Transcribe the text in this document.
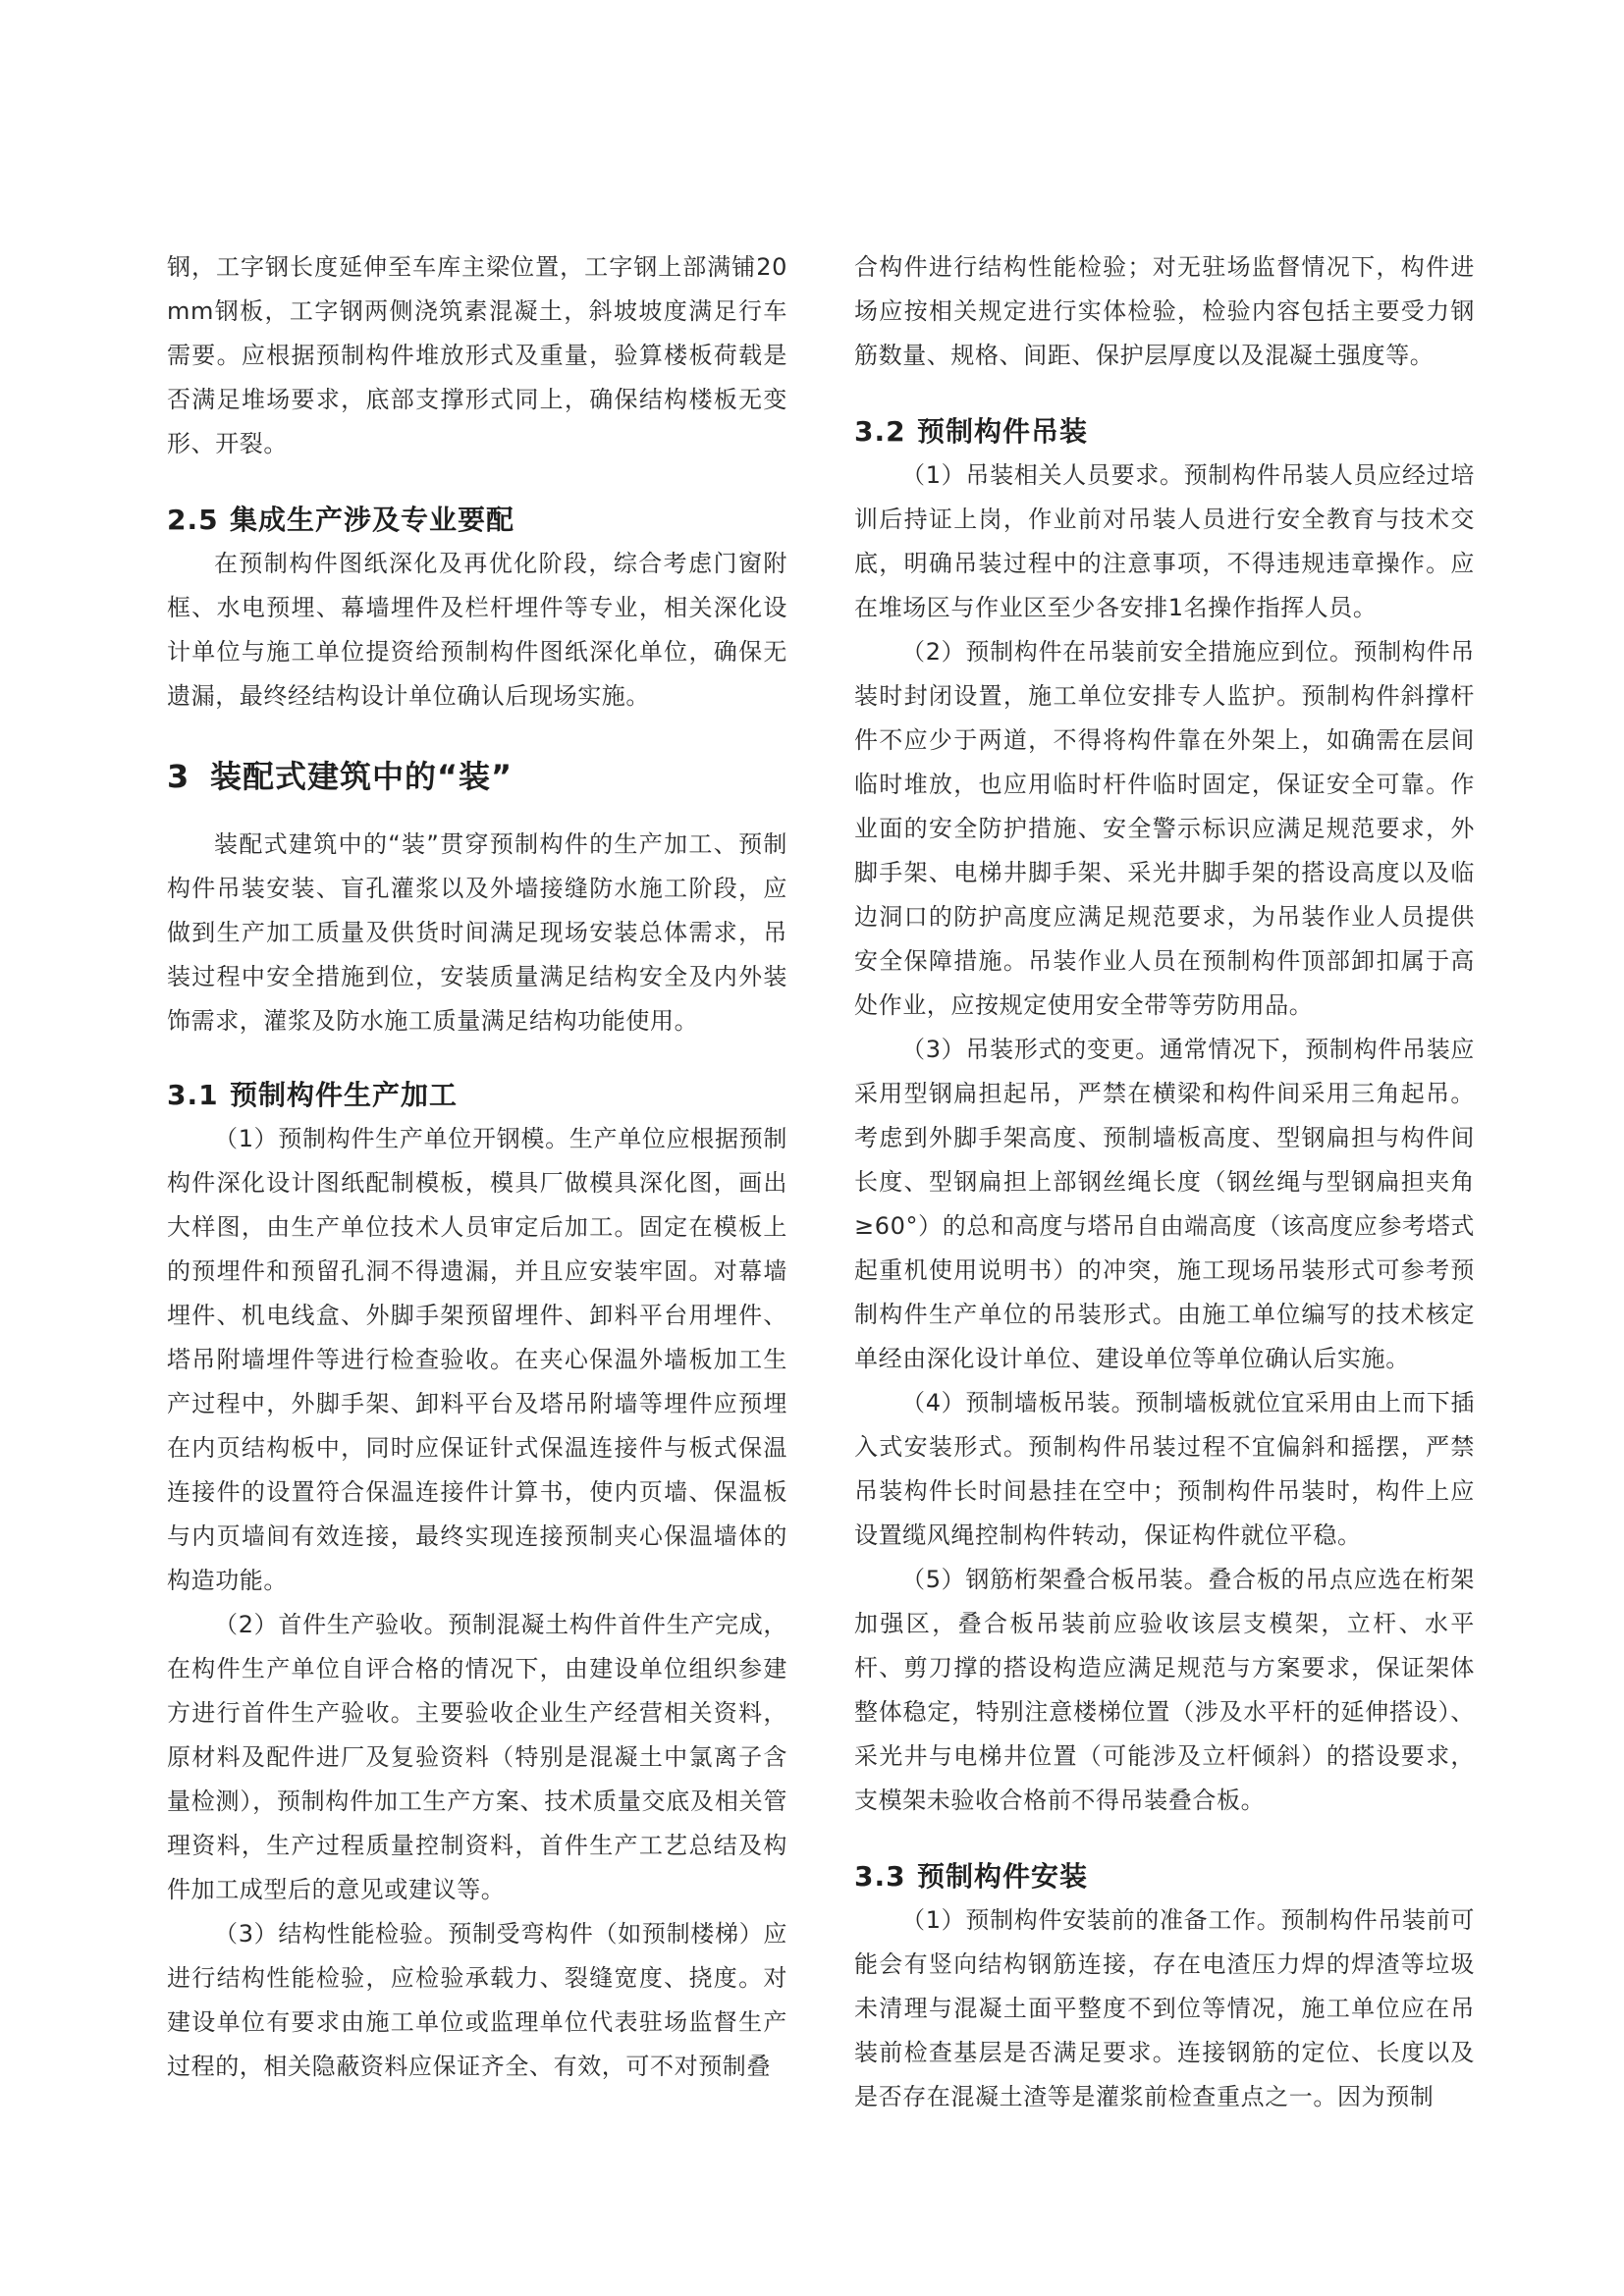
钢，工字钢长度延伸至车库主梁位置，工字钢上部满铺20 mm钢板，工字钢两侧浇筑素混凝土，斜坡坡度满足行车需要。应根据预制构件堆放形式及重量，验算楼板荷载是否满足堆场要求，底部支撑形式同上，确保结构楼板无变形、开裂。

2.5 集成生产涉及专业要配

在预制构件图纸深化及再优化阶段，综合考虑门窗附框、水电预埋、幕墙埋件及栏杆埋件等专业，相关深化设计单位与施工单位提资给预制构件图纸深化单位，确保无遗漏，最终经结构设计单位确认后现场实施。

3 装配式建筑中的“装”

装配式建筑中的“装”贯穿预制构件的生产加工、预制构件吊装安装、盲孔灌浆以及外墙接缝防水施工阶段，应做到生产加工质量及供货时间满足现场安装总体需求，吊装过程中安全措施到位，安装质量满足结构安全及内外装饰需求，灌浆及防水施工质量满足结构功能使用。

3.1 预制构件生产加工

（1）预制构件生产单位开钢模。生产单位应根据预制构件深化设计图纸配制模板，模具厂做模具深化图，画出大样图，由生产单位技术人员审定后加工。固定在模板上的预埋件和预留孔洞不得遗漏，并且应安装牢固。对幕墙埋件、机电线盒、外脚手架预留埋件、卸料平台用埋件、塔吊附墙埋件等进行检查验收。在夹心保温外墙板加工生产过程中，外脚手架、卸料平台及塔吊附墙等埋件应预埋在内页结构板中，同时应保证针式保温连接件与板式保温连接件的设置符合保温连接件计算书，使内页墙、保温板与内页墙间有效连接，最终实现连接预制夹心保温墙体的构造功能。

（2）首件生产验收。预制混凝土构件首件生产完成，在构件生产单位自评合格的情况下，由建设单位组织参建方进行首件生产验收。主要验收企业生产经营相关资料，原材料及配件进厂及复验资料（特别是混凝土中氯离子含量检测），预制构件加工生产方案、技术质量交底及相关管理资料，生产过程质量控制资料，首件生产工艺总结及构件加工成型后的意见或建议等。

（3）结构性能检验。预制受弯构件（如预制楼梯）应进行结构性能检验，应检验承载力、裂缝宽度、挠度。对建设单位有要求由施工单位或监理单位代表驻场监督生产过程的，相关隐蔽资料应保证齐全、有效，可不对预制叠

合构件进行结构性能检验；对无驻场监督情况下，构件进场应按相关规定进行实体检验，检验内容包括主要受力钢筋数量、规格、间距、保护层厚度以及混凝土强度等。

3.2 预制构件吊装

（1）吊装相关人员要求。预制构件吊装人员应经过培训后持证上岗，作业前对吊装人员进行安全教育与技术交底，明确吊装过程中的注意事项，不得违规违章操作。应在堆场区与作业区至少各安排1名操作指挥人员。

（2）预制构件在吊装前安全措施应到位。预制构件吊装时封闭设置，施工单位安排专人监护。预制构件斜撑杆件不应少于两道，不得将构件靠在外架上，如确需在层间临时堆放，也应用临时杆件临时固定，保证安全可靠。作业面的安全防护措施、安全警示标识应满足规范要求，外脚手架、电梯井脚手架、采光井脚手架的搭设高度以及临边洞口的防护高度应满足规范要求，为吊装作业人员提供安全保障措施。吊装作业人员在预制构件顶部卸扣属于高处作业，应按规定使用安全带等劳防用品。

（3）吊装形式的变更。通常情况下，预制构件吊装应采用型钢扁担起吊，严禁在横梁和构件间采用三角起吊。考虑到外脚手架高度、预制墙板高度、型钢扁担与构件间长度、型钢扁担上部钢丝绳长度（钢丝绳与型钢扁担夹角≥60°）的总和高度与塔吊自由端高度（该高度应参考塔式起重机使用说明书）的冲突，施工现场吊装形式可参考预制构件生产单位的吊装形式。由施工单位编写的技术核定单经由深化设计单位、建设单位等单位确认后实施。

（4）预制墙板吊装。预制墙板就位宜采用由上而下插入式安装形式。预制构件吊装过程不宜偏斜和摇摆，严禁吊装构件长时间悬挂在空中；预制构件吊装时，构件上应设置缆风绳控制构件转动，保证构件就位平稳。

（5）钢筋桁架叠合板吊装。叠合板的吊点应选在桁架加强区，叠合板吊装前应验收该层支模架，立杆、水平杆、剪刀撑的搭设构造应满足规范与方案要求，保证架体整体稳定，特别注意楼梯位置（涉及水平杆的延伸搭设）、采光井与电梯井位置（可能涉及立杆倾斜）的搭设要求，支模架未验收合格前不得吊装叠合板。

3.3 预制构件安装

（1）预制构件安装前的准备工作。预制构件吊装前可能会有竖向结构钢筋连接，存在电渣压力焊的焊渣等垃圾未清理与混凝土面平整度不到位等情况，施工单位应在吊装前检查基层是否满足要求。连接钢筋的定位、长度以及是否存在混凝土渣等是灌浆前检查重点之一。因为预制
